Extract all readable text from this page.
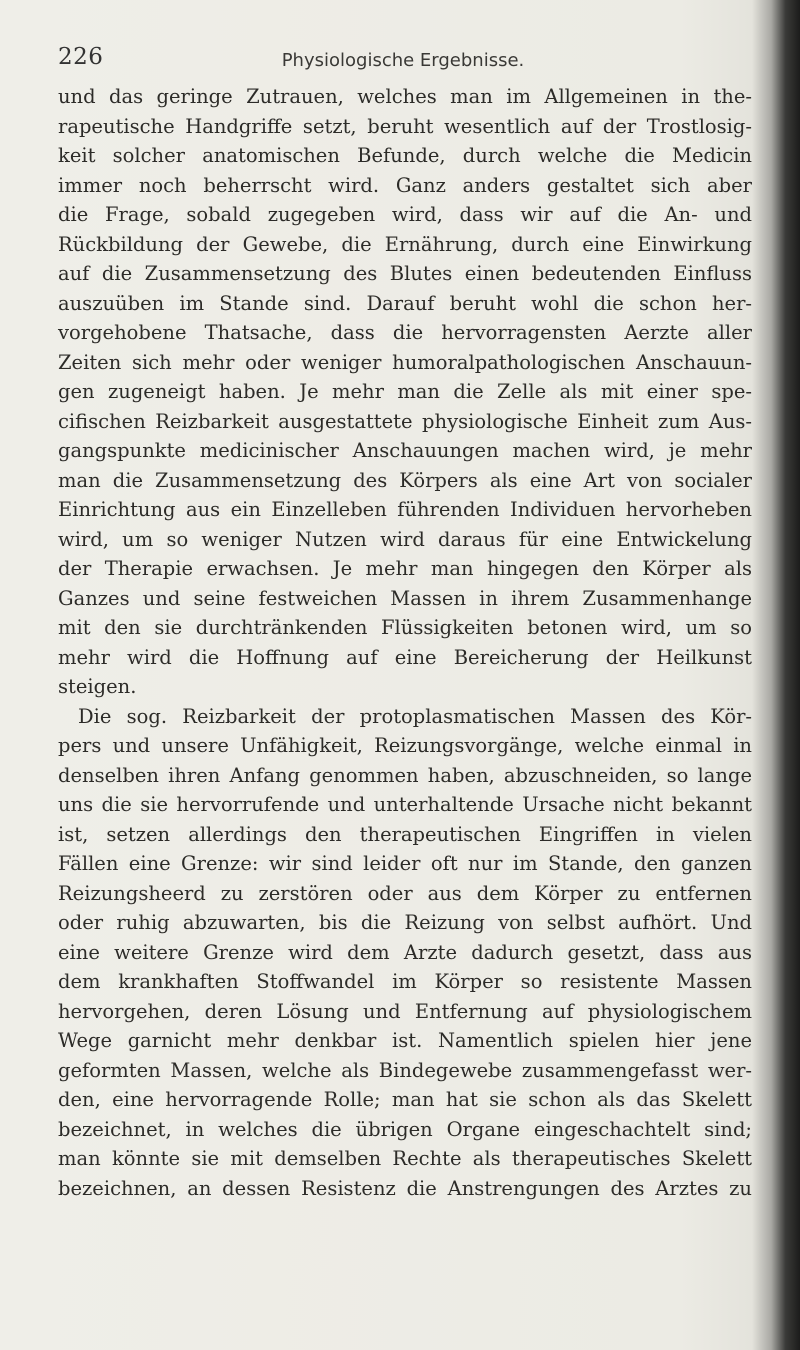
226	Physiologische Ergebnisse.
und das geringe Zutrauen, welches man im Allgemeinen in the-
rapeutische Handgriffe setzt, beruht wesentlich auf der Trostlosig-
keit solcher anatomischen Befunde, durch welche die Medicin
immer noch beherrscht wird. Ganz anders gestaltet sich aber
die Frage, sobald zugegeben wird, dass wir auf die An- und
Rückbildung der Gewebe, die Ernährung, durch eine Einwirkung
auf die Zusammensetzung des Blutes einen bedeutenden Einfluss
auszuüben im Stande sind. Darauf beruht wohl die schon her-
vorgehobene Thatsache, dass die hervorragensten Aerzte aller
Zeiten sich mehr oder weniger humoralpathologischen Anschauun-
gen zugeneigt haben. Je mehr man die Zelle als mit einer spe-
cifischen Reizbarkeit ausgestattete physiologische Einheit zum Aus-
gangspunkte medicinischer Anschauungen machen wird, je mehr
man die Zusammensetzung des Körpers als eine Art von socialer
Einrichtung aus ein Einzelleben führenden Individuen hervorheben
wird, um so weniger Nutzen wird daraus für eine Entwickelung
der Therapie erwachsen. Je mehr man hingegen den Körper als
Ganzes und seine festweichen Massen in ihrem Zusammenhange
mit den sie durchtränkenden Flüssigkeiten betonen wird, um so
mehr wird die Hoffnung auf eine Bereicherung der Heilkunst
steigen.
Die sog. Reizbarkeit der protoplasmatischen Massen des Kör-
pers und unsere Unfähigkeit, Reizungsvorgänge, welche einmal in
denselben ihren Anfang genommen haben, abzuschneiden, so lange
uns die sie hervorrufende und unterhaltende Ursache nicht bekannt
ist, setzen allerdings den therapeutischen Eingriffen in vielen
Fällen eine Grenze: wir sind leider oft nur im Stande, den ganzen
Reizungsheerd zu zerstören oder aus dem Körper zu entfernen
oder ruhig abzuwarten, bis die Reizung von selbst aufhört. Und
eine weitere Grenze wird dem Arzte dadurch gesetzt, dass aus
dem krankhaften Stoffwandel im Körper so resistente Massen
hervorgehen, deren Lösung und Entfernung auf physiologischem
Wege garnicht mehr denkbar ist. Namentlich spielen hier jene
geformten Massen, welche als Bindegewebe zusammengefasst wer-
den, eine hervorragende Rolle; man hat sie schon als das Skelett
bezeichnet, in welches die übrigen Organe eingeschachtelt sind;
man könnte sie mit demselben Rechte als therapeutisches Skelett
bezeichnen, an dessen Resistenz die Anstrengungen des Arztes zu
